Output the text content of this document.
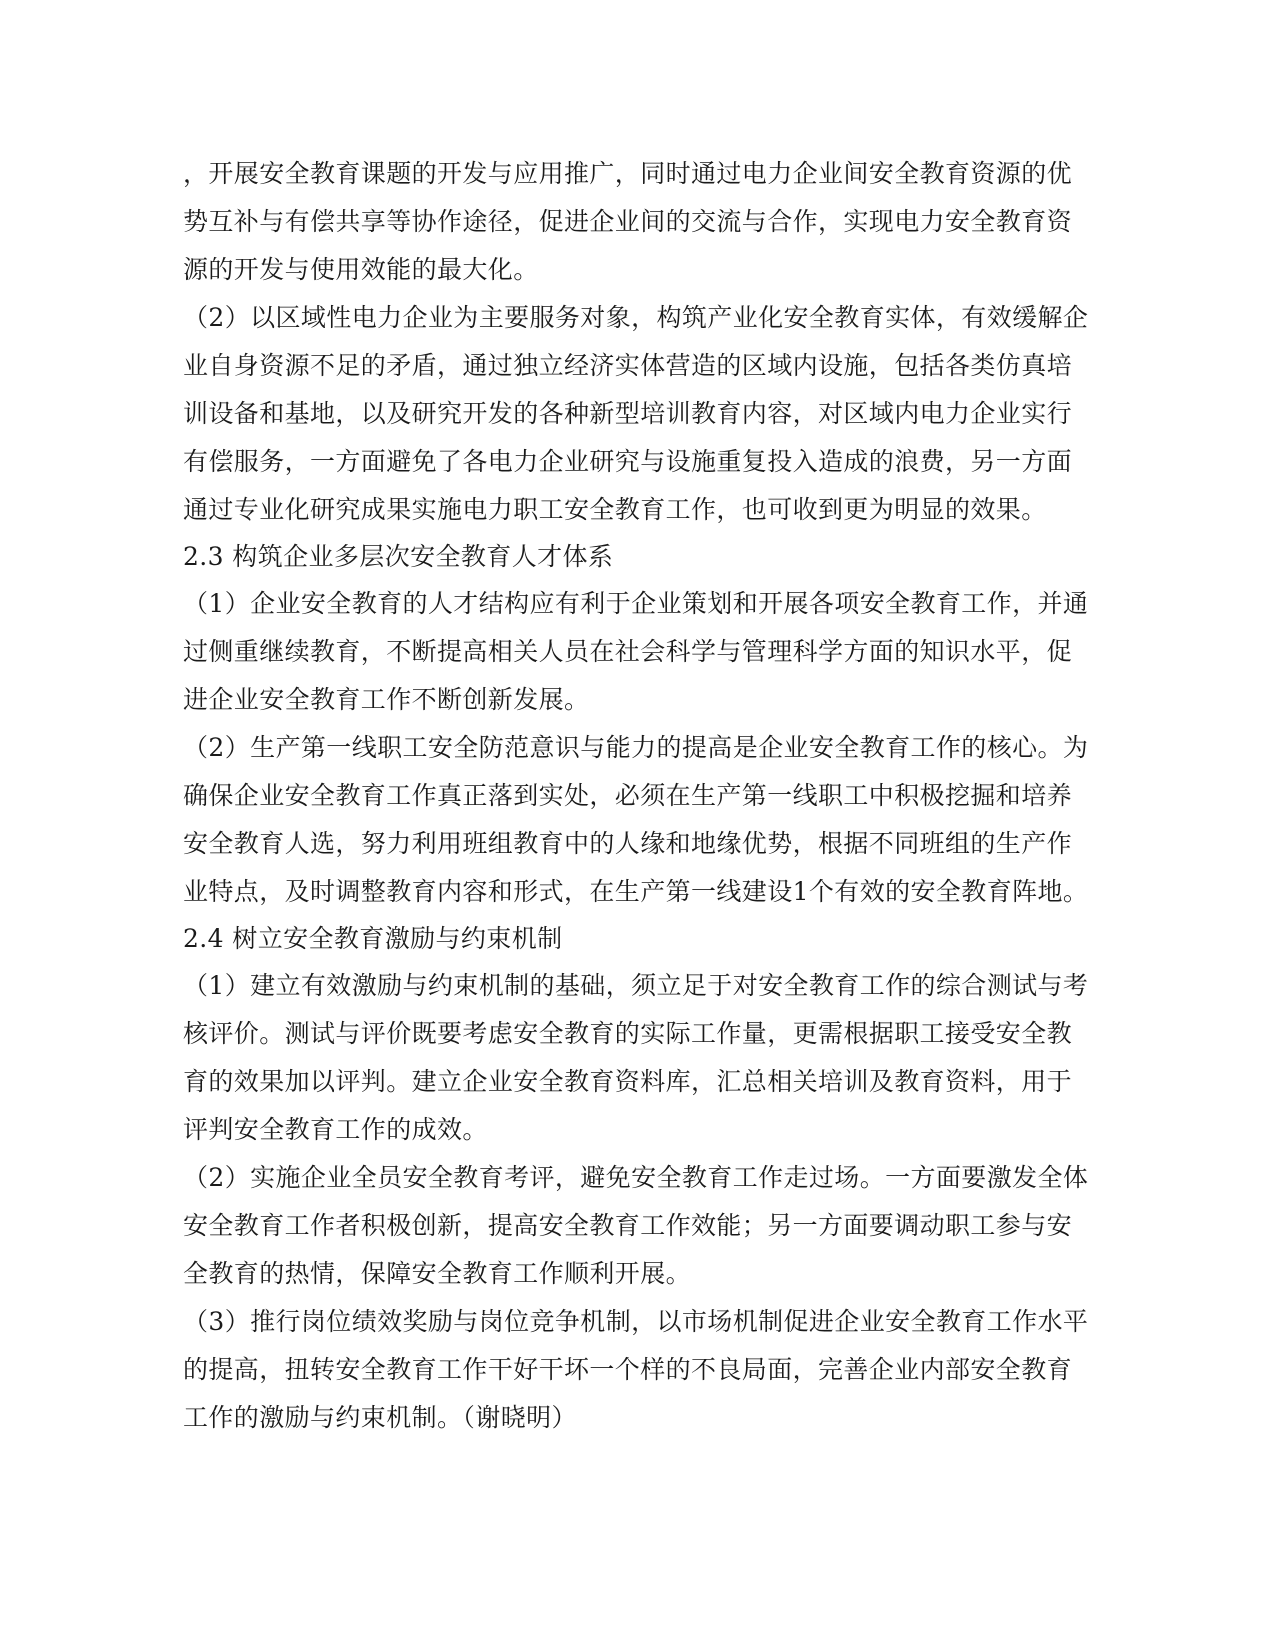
，开展安全教育课题的开发与应用推广，同时通过电力企业间安全教育资源的优
势互补与有偿共享等协作途径，促进企业间的交流与合作，实现电力安全教育资
源的开发与使用效能的最大化。
（2）以区域性电力企业为主要服务对象，构筑产业化安全教育实体，有效缓解企
业自身资源不足的矛盾，通过独立经济实体营造的区域内设施，包括各类仿真培
训设备和基地，以及研究开发的各种新型培训教育内容，对区域内电力企业实行
有偿服务，一方面避免了各电力企业研究与设施重复投入造成的浪费，另一方面
通过专业化研究成果实施电力职工安全教育工作，也可收到更为明显的效果。
2.3 构筑企业多层次安全教育人才体系
（1）企业安全教育的人才结构应有利于企业策划和开展各项安全教育工作，并通
过侧重继续教育，不断提高相关人员在社会科学与管理科学方面的知识水平，促
进企业安全教育工作不断创新发展。
（2）生产第一线职工安全防范意识与能力的提高是企业安全教育工作的核心。为
确保企业安全教育工作真正落到实处，必须在生产第一线职工中积极挖掘和培养
安全教育人选，努力利用班组教育中的人缘和地缘优势，根据不同班组的生产作
业特点，及时调整教育内容和形式，在生产第一线建设1个有效的安全教育阵地。
2.4 树立安全教育激励与约束机制
（1）建立有效激励与约束机制的基础，须立足于对安全教育工作的综合测试与考
核评价。测试与评价既要考虑安全教育的实际工作量，更需根据职工接受安全教
育的效果加以评判。建立企业安全教育资料库，汇总相关培训及教育资料，用于
评判安全教育工作的成效。
（2）实施企业全员安全教育考评，避免安全教育工作走过场。一方面要激发全体
安全教育工作者积极创新，提高安全教育工作效能；另一方面要调动职工参与安
全教育的热情，保障安全教育工作顺利开展。
（3）推行岗位绩效奖励与岗位竞争机制，以市场机制促进企业安全教育工作水平
的提高，扭转安全教育工作干好干坏一个样的不良局面，完善企业内部安全教育
工作的激励与约束机制。（谢晓明）
